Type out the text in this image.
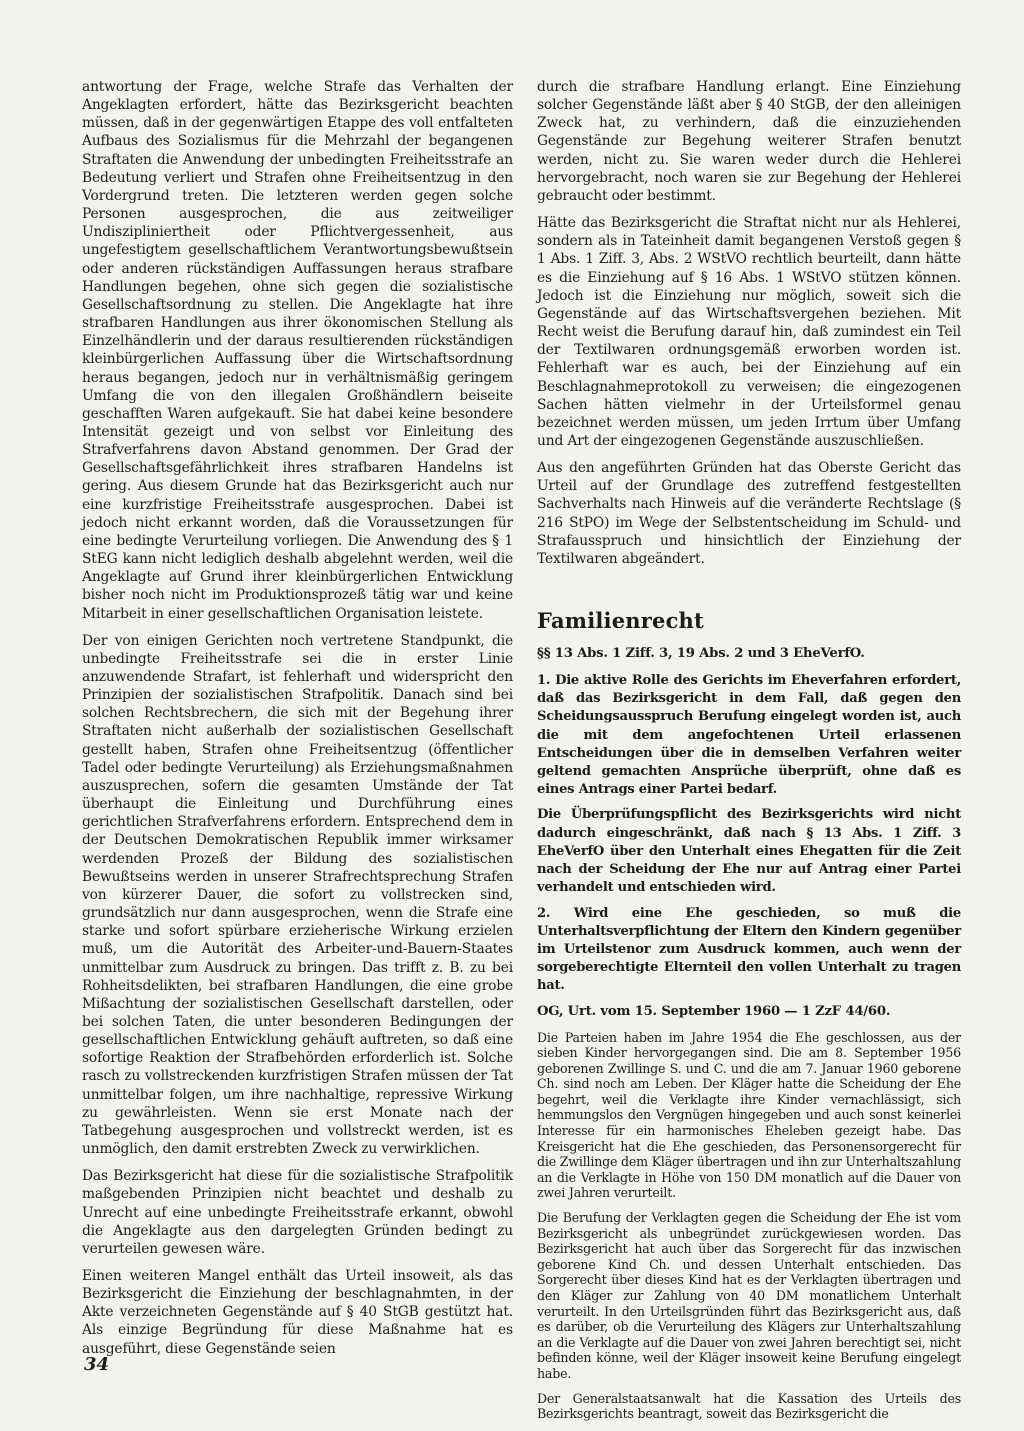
antwortung der Frage, welche Strafe das Verhalten der Angeklagten erfordert, hätte das Bezirksgericht beachten müssen, daß in der gegenwärtigen Etappe des voll entfalteten Aufbaus des Sozialismus für die Mehrzahl der begangenen Straftaten die Anwendung der unbedingten Freiheitsstrafe an Bedeutung verliert und Strafen ohne Freiheitsentzug in den Vordergrund treten. Die letzteren werden gegen solche Personen ausgesprochen, die aus zeitweiliger Undiszipliniertheit oder Pflichtvergessenheit, aus ungefestigtem gesellschaftlichem Verantwortungsbewußtsein oder anderen rückständigen Auffassungen heraus strafbare Handlungen begehen, ohne sich gegen die sozialistische Gesellschaftsordnung zu stellen. Die Angeklagte hat ihre strafbaren Handlungen aus ihrer ökonomischen Stellung als Einzelhändlerin und der daraus resultierenden rückständigen kleinbürgerlichen Auffassung über die Wirtschaftsordnung heraus begangen, jedoch nur in verhältnismäßig geringem Umfang die von den illegalen Großhändlern beiseite geschafften Waren aufgekauft. Sie hat dabei keine besondere Intensität gezeigt und von selbst vor Einleitung des Strafverfahrens davon Abstand genommen. Der Grad der Gesellschaftsgefährlichkeit ihres strafbaren Handelns ist gering. Aus diesem Grunde hat das Bezirksgericht auch nur eine kurzfristige Freiheitsstrafe ausgesprochen. Dabei ist jedoch nicht erkannt worden, daß die Voraussetzungen für eine bedingte Verurteilung vorliegen. Die Anwendung des § 1 StEG kann nicht lediglich deshalb abgelehnt werden, weil die Angeklagte auf Grund ihrer kleinbürgerlichen Entwicklung bisher noch nicht im Produktionsprozeß tätig war und keine Mitarbeit in einer gesellschaftlichen Organisation leistete.

Der von einigen Gerichten noch vertretene Standpunkt, die unbedingte Freiheitsstrafe sei die in erster Linie anzuwendende Strafart, ist fehlerhaft und widerspricht den Prinzipien der sozialistischen Strafpolitik. Danach sind bei solchen Rechtsbrechern, die sich mit der Begehung ihrer Straftaten nicht außerhalb der sozialistischen Gesellschaft gestellt haben, Strafen ohne Freiheitsentzug (öffentlicher Tadel oder bedingte Verurteilung) als Erziehungsmaßnahmen auszusprechen, sofern die gesamten Umstände der Tat überhaupt die Einleitung und Durchführung eines gerichtlichen Strafverfahrens erfordern. Entsprechend dem in der Deutschen Demokratischen Republik immer wirksamer werdenden Prozeß der Bildung des sozialistischen Bewußtseins werden in unserer Strafrechtsprechung Strafen von kürzerer Dauer, die sofort zu vollstrecken sind, grundsätzlich nur dann ausgesprochen, wenn die Strafe eine starke und sofort spürbare erzieherische Wirkung erzielen muß, um die Autorität des Arbeiter-und-Bauern-Staates unmittelbar zum Ausdruck zu bringen. Das trifft z. B. zu bei Rohheitsdelikten, bei strafbaren Handlungen, die eine grobe Mißachtung der sozialistischen Gesellschaft darstellen, oder bei solchen Taten, die unter besonderen Bedingungen der gesellschaftlichen Entwicklung gehäuft auftreten, so daß eine sofortige Reaktion der Strafbehörden erforderlich ist. Solche rasch zu vollstreckenden kurzfristigen Strafen müssen der Tat unmittelbar folgen, um ihre nachhaltige, repressive Wirkung zu gewährleisten. Wenn sie erst Monate nach der Tatbegehung ausgesprochen und vollstreckt werden, ist es unmöglich, den damit erstrebten Zweck zu verwirklichen.

Das Bezirksgericht hat diese für die sozialistische Strafpolitik maßgebenden Prinzipien nicht beachtet und deshalb zu Unrecht auf eine unbedingte Freiheitsstrafe erkannt, obwohl die Angeklagte aus den dargelegten Gründen bedingt zu verurteilen gewesen wäre.

Einen weiteren Mangel enthält das Urteil insoweit, als das Bezirksgericht die Einziehung der beschlagnahmten, in der Akte verzeichneten Gegenstände auf § 40 StGB gestützt hat. Als einzige Begründung für diese Maßnahme hat es ausgeführt, diese Gegenstände seien

durch die strafbare Handlung erlangt. Eine Einziehung solcher Gegenstände läßt aber § 40 StGB, der den alleinigen Zweck hat, zu verhindern, daß die einzuziehenden Gegenstände zur Begehung weiterer Strafen benutzt werden, nicht zu. Sie waren weder durch die Hehlerei hervorgebracht, noch waren sie zur Begehung der Hehlerei gebraucht oder bestimmt.

Hätte das Bezirksgericht die Straftat nicht nur als Hehlerei, sondern als in Tateinheit damit begangenen Verstoß gegen § 1 Abs. 1 Ziff. 3, Abs. 2 WStVO rechtlich beurteilt, dann hätte es die Einziehung auf § 16 Abs. 1 WStVO stützen können. Jedoch ist die Einziehung nur möglich, soweit sich die Gegenstände auf das Wirtschaftsvergehen beziehen. Mit Recht weist die Berufung darauf hin, daß zumindest ein Teil der Textilwaren ordnungsgemäß erworben worden ist. Fehlerhaft war es auch, bei der Einziehung auf ein Beschlagnahmeprotokoll zu verweisen; die eingezogenen Sachen hätten vielmehr in der Urteilsformel genau bezeichnet werden müssen, um jeden Irrtum über Umfang und Art der eingezogenen Gegenstände auszuschließen.

Aus den angeführten Gründen hat das Oberste Gericht das Urteil auf der Grundlage des zutreffend festgestellten Sachverhalts nach Hinweis auf die veränderte Rechtslage (§ 216 StPO) im Wege der Selbstentscheidung im Schuld- und Strafausspruch und hinsichtlich der Einziehung der Textilwaren abgeändert.

Familienrecht

§§ 13 Abs. 1 Ziff. 3, 19 Abs. 2 und 3 EheVerfO.

1. Die aktive Rolle des Gerichts im Eheverfahren erfordert, daß das Bezirksgericht in dem Fall, daß gegen den Scheidungsausspruch Berufung eingelegt worden ist, auch die mit dem angefochtenen Urteil erlassenen Entscheidungen über die in demselben Verfahren weiter geltend gemachten Ansprüche überprüft, ohne daß es eines Antrags einer Partei bedarf.

Die Überprüfungspflicht des Bezirksgerichts wird nicht dadurch eingeschränkt, daß nach § 13 Abs. 1 Ziff. 3 EheVerfO über den Unterhalt eines Ehegatten für die Zeit nach der Scheidung der Ehe nur auf Antrag einer Partei verhandelt und entschieden wird.

2. Wird eine Ehe geschieden, so muß die Unterhaltsverpflichtung der Eltern den Kindern gegenüber im Urteilstenor zum Ausdruck kommen, auch wenn der sorgeberechtigte Elternteil den vollen Unterhalt zu tragen hat.

OG, Urt. vom 15. September 1960 — 1 ZzF 44/60.

Die Parteien haben im Jahre 1954 die Ehe geschlossen, aus der sieben Kinder hervorgegangen sind. Die am 8. September 1956 geborenen Zwillinge S. und C. und die am 7. Januar 1960 geborene Ch. sind noch am Leben. Der Kläger hatte die Scheidung der Ehe begehrt, weil die Verklagte ihre Kinder vernachlässigt, sich hemmungslos den Vergnügen hingegeben und auch sonst keinerlei Interesse für ein harmonisches Eheleben gezeigt habe. Das Kreisgericht hat die Ehe geschieden, das Personensorgerecht für die Zwillinge dem Kläger übertragen und ihn zur Unterhaltszahlung an die Verklagte in Höhe von 150 DM monatlich auf die Dauer von zwei Jahren verurteilt.

Die Berufung der Verklagten gegen die Scheidung der Ehe ist vom Bezirksgericht als unbegründet zurückgewiesen worden. Das Bezirksgericht hat auch über das Sorgerecht für das inzwischen geborene Kind Ch. und dessen Unterhalt entschieden. Das Sorgerecht über dieses Kind hat es der Verklagten übertragen und den Kläger zur Zahlung von 40 DM monatlichem Unterhalt verurteilt. In den Urteilsgründen führt das Bezirksgericht aus, daß es darüber, ob die Verurteilung des Klägers zur Unterhaltszahlung an die Verklagte auf die Dauer von zwei Jahren berechtigt sei, nicht befinden könne, weil der Kläger insoweit keine Berufung eingelegt habe.

Der Generalstaatsanwalt hat die Kassation des Urteils des Bezirksgerichts beantragt, soweit das Bezirksgericht die

34
